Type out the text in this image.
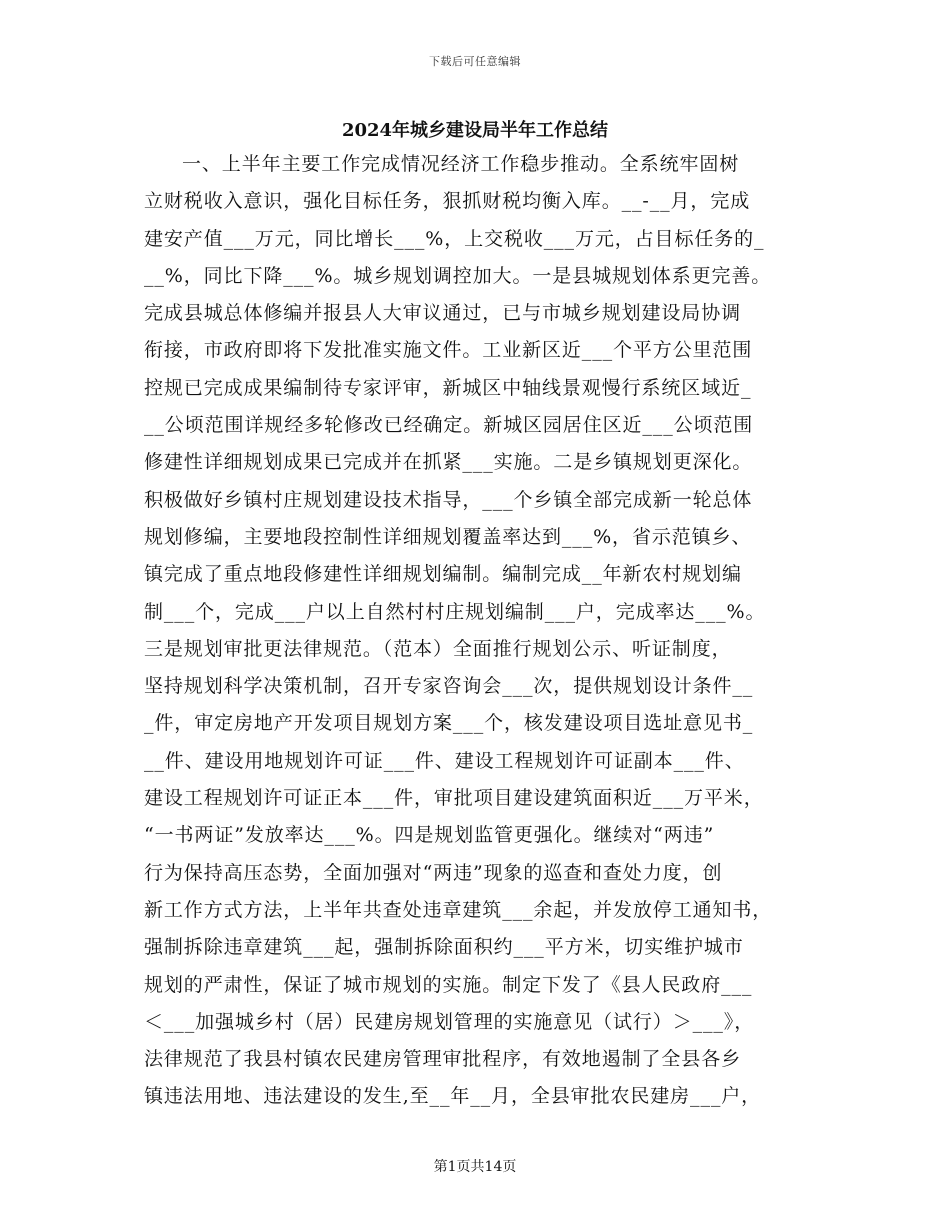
下载后可任意编辑
2024年城乡建设局半年工作总结
一、上半年主要工作完成情况经济工作稳步推动。全系统牢固树
立财税收入意识，强化目标任务，狠抓财税均衡入库。__-__月，完成
建安产值___万元，同比增长___%，上交税收___万元，占目标任务的_
__%，同比下降___%。城乡规划调控加大。一是县城规划体系更完善。
完成县城总体修编并报县人大审议通过，已与市城乡规划建设局协调
衔接，市政府即将下发批准实施文件。工业新区近___个平方公里范围
控规已完成成果编制待专家评审，新城区中轴线景观慢行系统区域近_
__公顷范围详规经多轮修改已经确定。新城区园居住区近___公顷范围
修建性详细规划成果已完成并在抓紧___实施。二是乡镇规划更深化。
积极做好乡镇村庄规划建设技术指导，___个乡镇全部完成新一轮总体
规划修编，主要地段控制性详细规划覆盖率达到___%，省示范镇乡、
镇完成了重点地段修建性详细规划编制。编制完成__年新农村规划编
制___个，完成___户以上自然村村庄规划编制___户，完成率达___%。
三是规划审批更法律规范。（范本）全面推行规划公示、听证制度，
坚持规划科学决策机制，召开专家咨询会___次，提供规划设计条件__
_件，审定房地产开发项目规划方案___个，核发建设项目选址意见书_
__件、建设用地规划许可证___件、建设工程规划许可证副本___件、
建设工程规划许可证正本___件，审批项目建设建筑面积近___万平米，
“一书两证”发放率达___%。四是规划监管更强化。继续对“两违”
行为保持高压态势，全面加强对“两违”现象的巡查和查处力度，创
新工作方式方法，上半年共查处违章建筑___余起，并发放停工通知书，
强制拆除违章建筑___起，强制拆除面积约___平方米，切实维护城市
规划的严肃性，保证了城市规划的实施。制定下发了《县人民政府___
＜___加强城乡村（居）民建房规划管理的实施意见（试行）＞___》，
法律规范了我县村镇农民建房管理审批程序，有效地遏制了全县各乡
镇违法用地、违法建设的发生,至__年__月，全县审批农民建房___户，
第1页共14页
